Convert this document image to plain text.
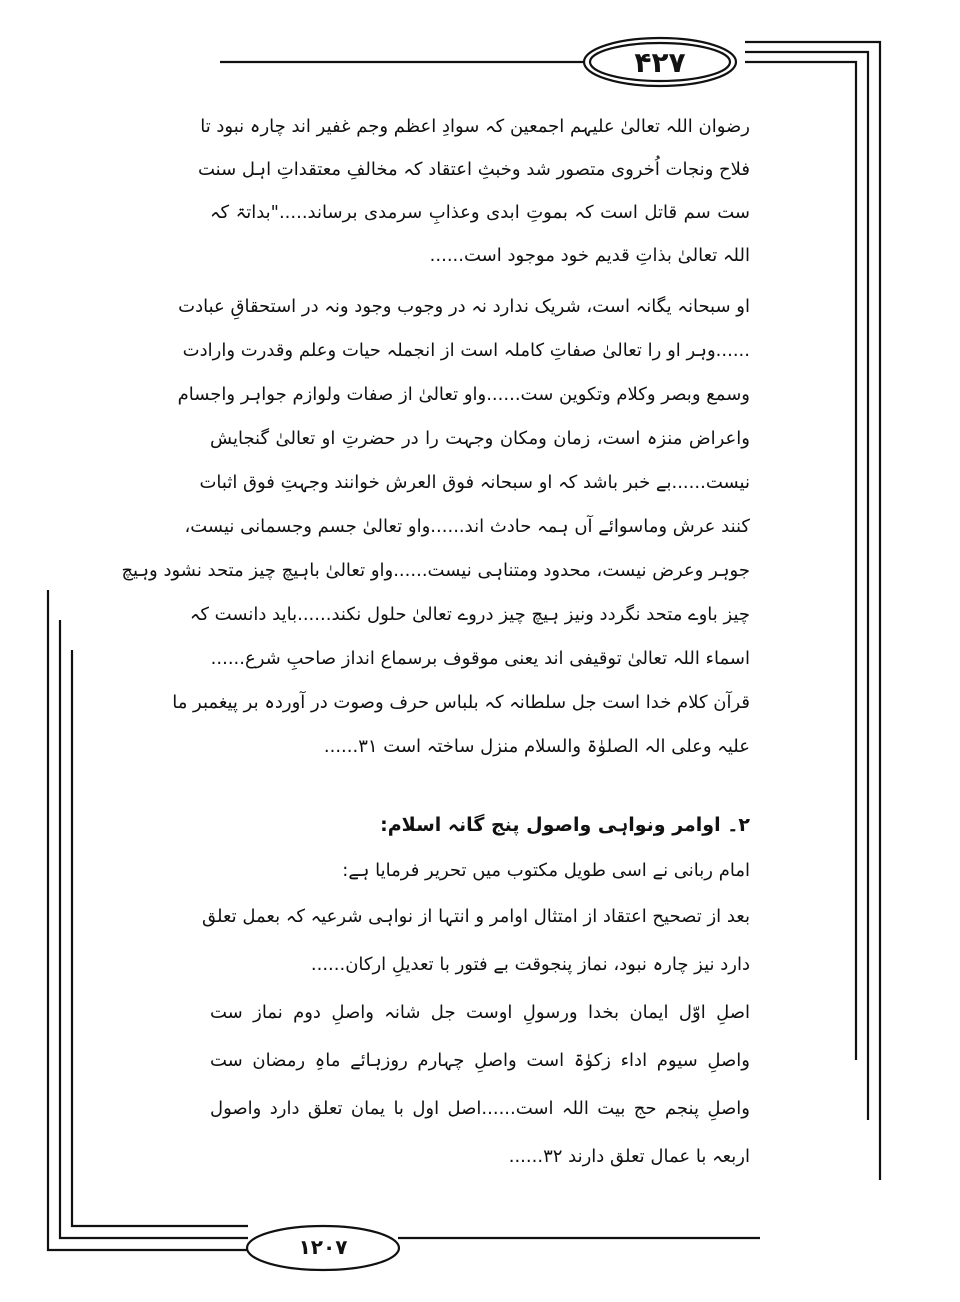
۴۲۷
۱۲۰۷
رضوان اللہ تعالیٰ علیہم اجمعین کہ سوادِ اعظم وجم غفیر اند چارہ نبود تا
فلاح ونجات اُخروی متصور شد وخبثِ اعتقاد کہ مخالفِ معتقداتِ اہل سنت
ست سم قاتل است کہ بموتِ ابدی وعذابِ سرمدی برساند....."بداتۃ کہ
اللہ تعالیٰ بذاتِ قدیم خود موجود است......
او سبحانہ یگانہ است، شریک ندارد نہ در وجوب وجود ونہ در استحقاقِ عبادت
......وہر او را تعالیٰ صفاتِ کاملہ است از انجملہ حیات وعلم وقدرت وارادت
وسمع وبصر وکلام وتکوین ست......واو تعالیٰ از صفات ولوازم جواہر واجسام
واعراض منزہ است، زمان ومکان وجہت را در حضرتِ او تعالیٰ گنجایش
نیست......بے خبر باشد کہ او سبحانہ فوق العرش خوانند وجہتِ فوق اثبات
کنند عرش وماسوائے آں ہمہ حادث اند......واو تعالیٰ جسم وجسمانی نیست،
جوہر وعرض نیست، محدود ومتناہی نیست......واو تعالیٰ باہیچ چیز متحد نشود وہیچ
چیز باوے متحد نگردد ونیز ہیچ چیز دروے تعالیٰ حلول نکند......باید دانست کہ
اسماء اللہ تعالیٰ توقیفی اند یعنی موقوف برسماع انداز صاحبِ شرع......
قرآن کلام خدا است جل سلطانہ کہ بلباس حرف وصوت در آوردہ بر پیغمبر ما
علیہ وعلی الہ الصلوٰۃ والسلام منزل ساختہ است ۳۱......
۲۔ اوامر ونواہی واصول پنج گانہ اسلام:
امام ربانی نے اسی طویل مکتوب میں تحریر فرمایا ہے:
بعد از تصحیح اعتقاد از امتثال اوامر و انتہا از نواہی شرعیہ کہ بعمل تعلق
دارد نیز چارہ نبود، نماز پنجوقت بے فتور با تعدیلِ ارکان......
اصلِ اوّل ایمان بخدا ورسولِ اوست جل شانہ واصلِ دوم نماز ست
واصلِ سیوم اداء زکوٰۃ است واصلِ چہارم روزہائے ماہِ رمضان ست
واصلِ پنجم حج بیت اللہ است......اصل اول با یمان تعلق دارد واصول
اربعہ با عمال تعلق دارند ۳۲......
